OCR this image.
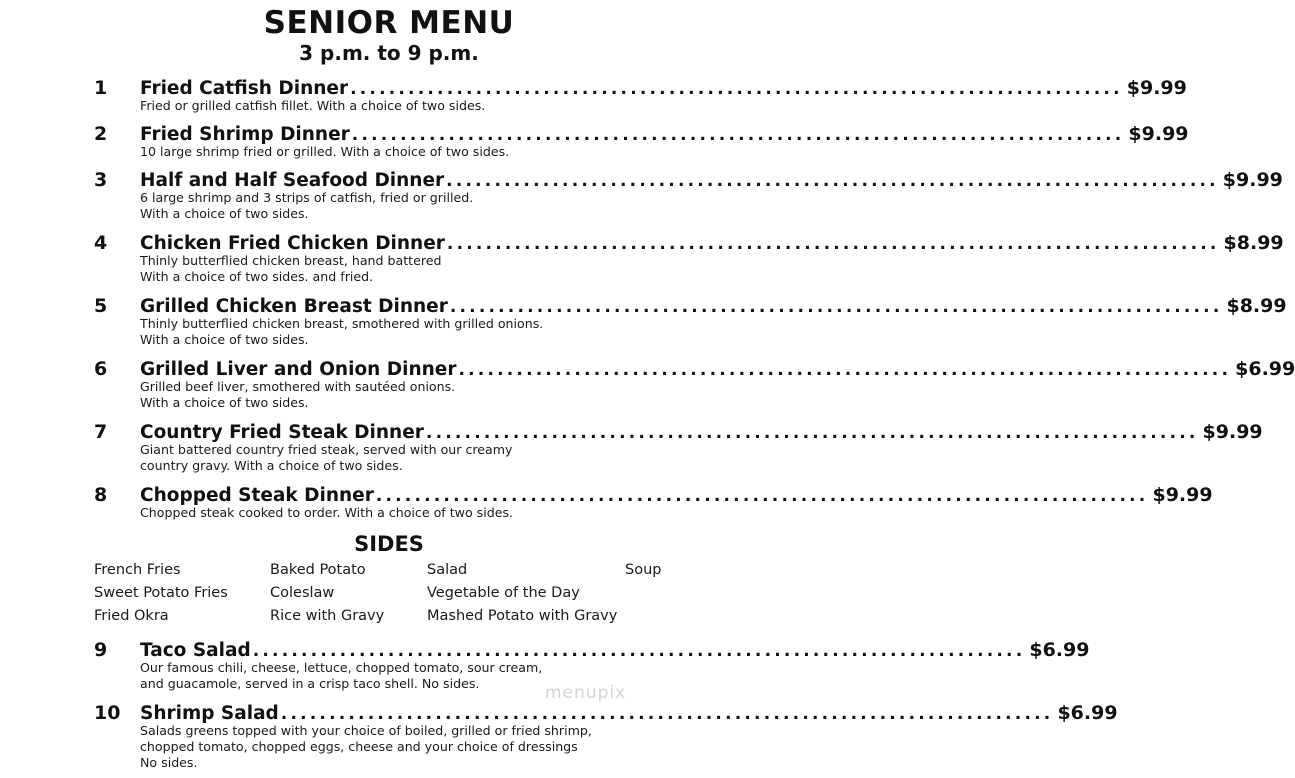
SENIOR MENU
3 p.m. to 9 p.m.
1 Fried Catfish Dinner ................................................................................ $9.99
Fried or grilled catfish fillet. With a choice of two sides.
2 Fried Shrimp Dinner ................................................................................ $9.99
10 large shrimp fried or grilled. With a choice of two sides.
3 Half and Half Seafood Dinner ................................................................................ $9.99
6 large shrimp and 3 strips of catfish, fried or grilled.
With a choice of two sides.
4 Chicken Fried Chicken Dinner ................................................................................ $8.99
Thinly butterflied chicken breast, hand battered
With a choice of two sides. and fried.
5 Grilled Chicken Breast Dinner ................................................................................ $8.99
Thinly butterflied chicken breast, smothered with grilled onions.
With a choice of two sides.
6 Grilled Liver and Onion Dinner ................................................................................ $6.99
Grilled beef liver, smothered with sautéed onions.
With a choice of two sides.
7 Country Fried Steak Dinner ................................................................................ $9.99
Giant battered country fried steak, served with our creamy
country gravy. With a choice of two sides.
8 Chopped Steak Dinner ................................................................................ $9.99
Chopped steak cooked to order. With a choice of two sides.
SIDES
French Fries	Baked Potato	Salad	Soup
Sweet Potato Fries	Coleslaw	Vegetable of the Day
Fried Okra	Rice with Gravy	Mashed Potato with Gravy
9 Taco Salad ................................................................................ $6.99
Our famous chili, cheese, lettuce, chopped tomato, sour cream,
and guacamole, served in a crisp taco shell. No sides.	menupix
10 Shrimp Salad ................................................................................ $6.99
Salads greens topped with your choice of boiled, grilled or fried shrimp,
chopped tomato, chopped eggs, cheese and your choice of dressings
No sides.
